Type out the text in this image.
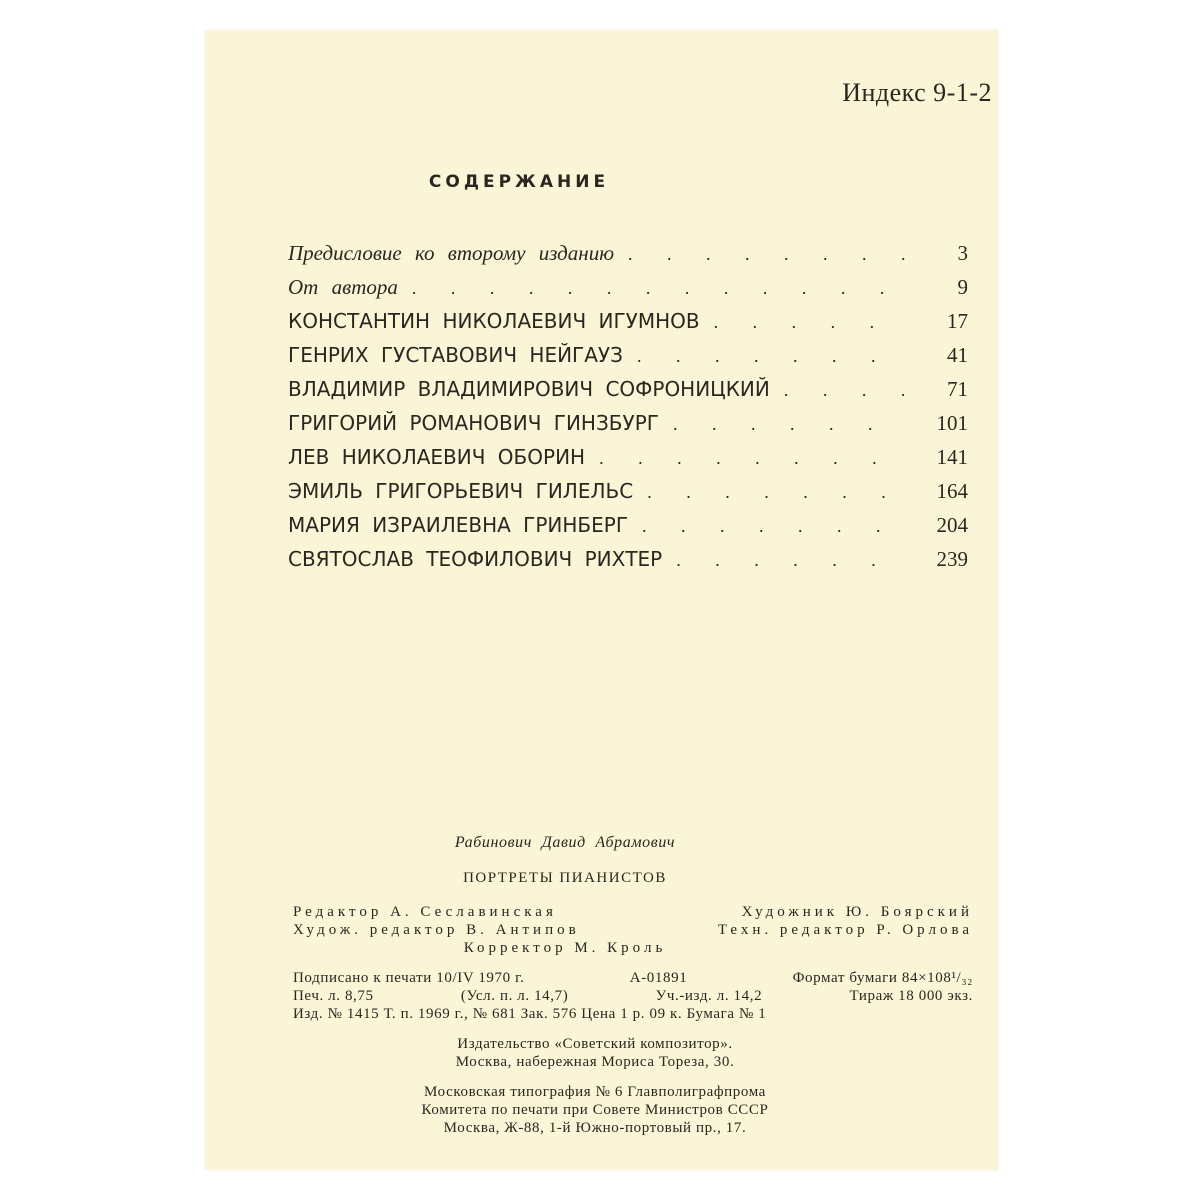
Индекс 9-1-2
СОДЕРЖАНИЕ
Предисловие ко второму изданию . . .	3
От автора . . .	9
КОНСТАНТИН НИКОЛАЕВИЧ ИГУМНОВ . . .	17
ГЕНРИХ ГУСТАВОВИЧ НЕЙГАУЗ . . .	41
ВЛАДИМИР ВЛАДИМИРОВИЧ СОФРОНИЦКИЙ . . .	71
ГРИГОРИЙ РОМАНОВИЧ ГИНЗБУРГ . . .	101
ЛЕВ НИКОЛАЕВИЧ ОБОРИН . . .	141
ЭМИЛЬ ГРИГОРЬЕВИЧ ГИЛЕЛЬС . . .	164
МАРИЯ ИЗРАИЛЕВНА ГРИНБЕРГ . . .	204
СВЯТОСЛАВ ТЕОФИЛОВИЧ РИХТЕР . . .	239
Рабинович Давид Абрамович
ПОРТРЕТЫ ПИАНИСТОВ
Редактор А. Сеславинская	Художник Ю. Боярский
Худож. редактор В. Антипов	Техн. редактор Р. Орлова
Корректор М. Кроль
Подписано к печати 10/IV 1970 г.	А-01891	Формат бумаги 84×108¹/₃₂
Печ. л. 8,75	(Усл. п. л. 14,7)	Уч.-изд. л. 14,2	Тираж 18 000 экз.
Изд. № 1415 Т. п. 1969 г., № 681 Зак. 576 Цена 1 р. 09 к. Бумага № 1
Издательство «Советский композитор».
Москва, набережная Мориса Тореза, 30.
Московская типография № 6 Главполиграфпрома
Комитета по печати при Совете Министров СССР
Москва, Ж-88, 1-й Южно-портовый пр., 17.
